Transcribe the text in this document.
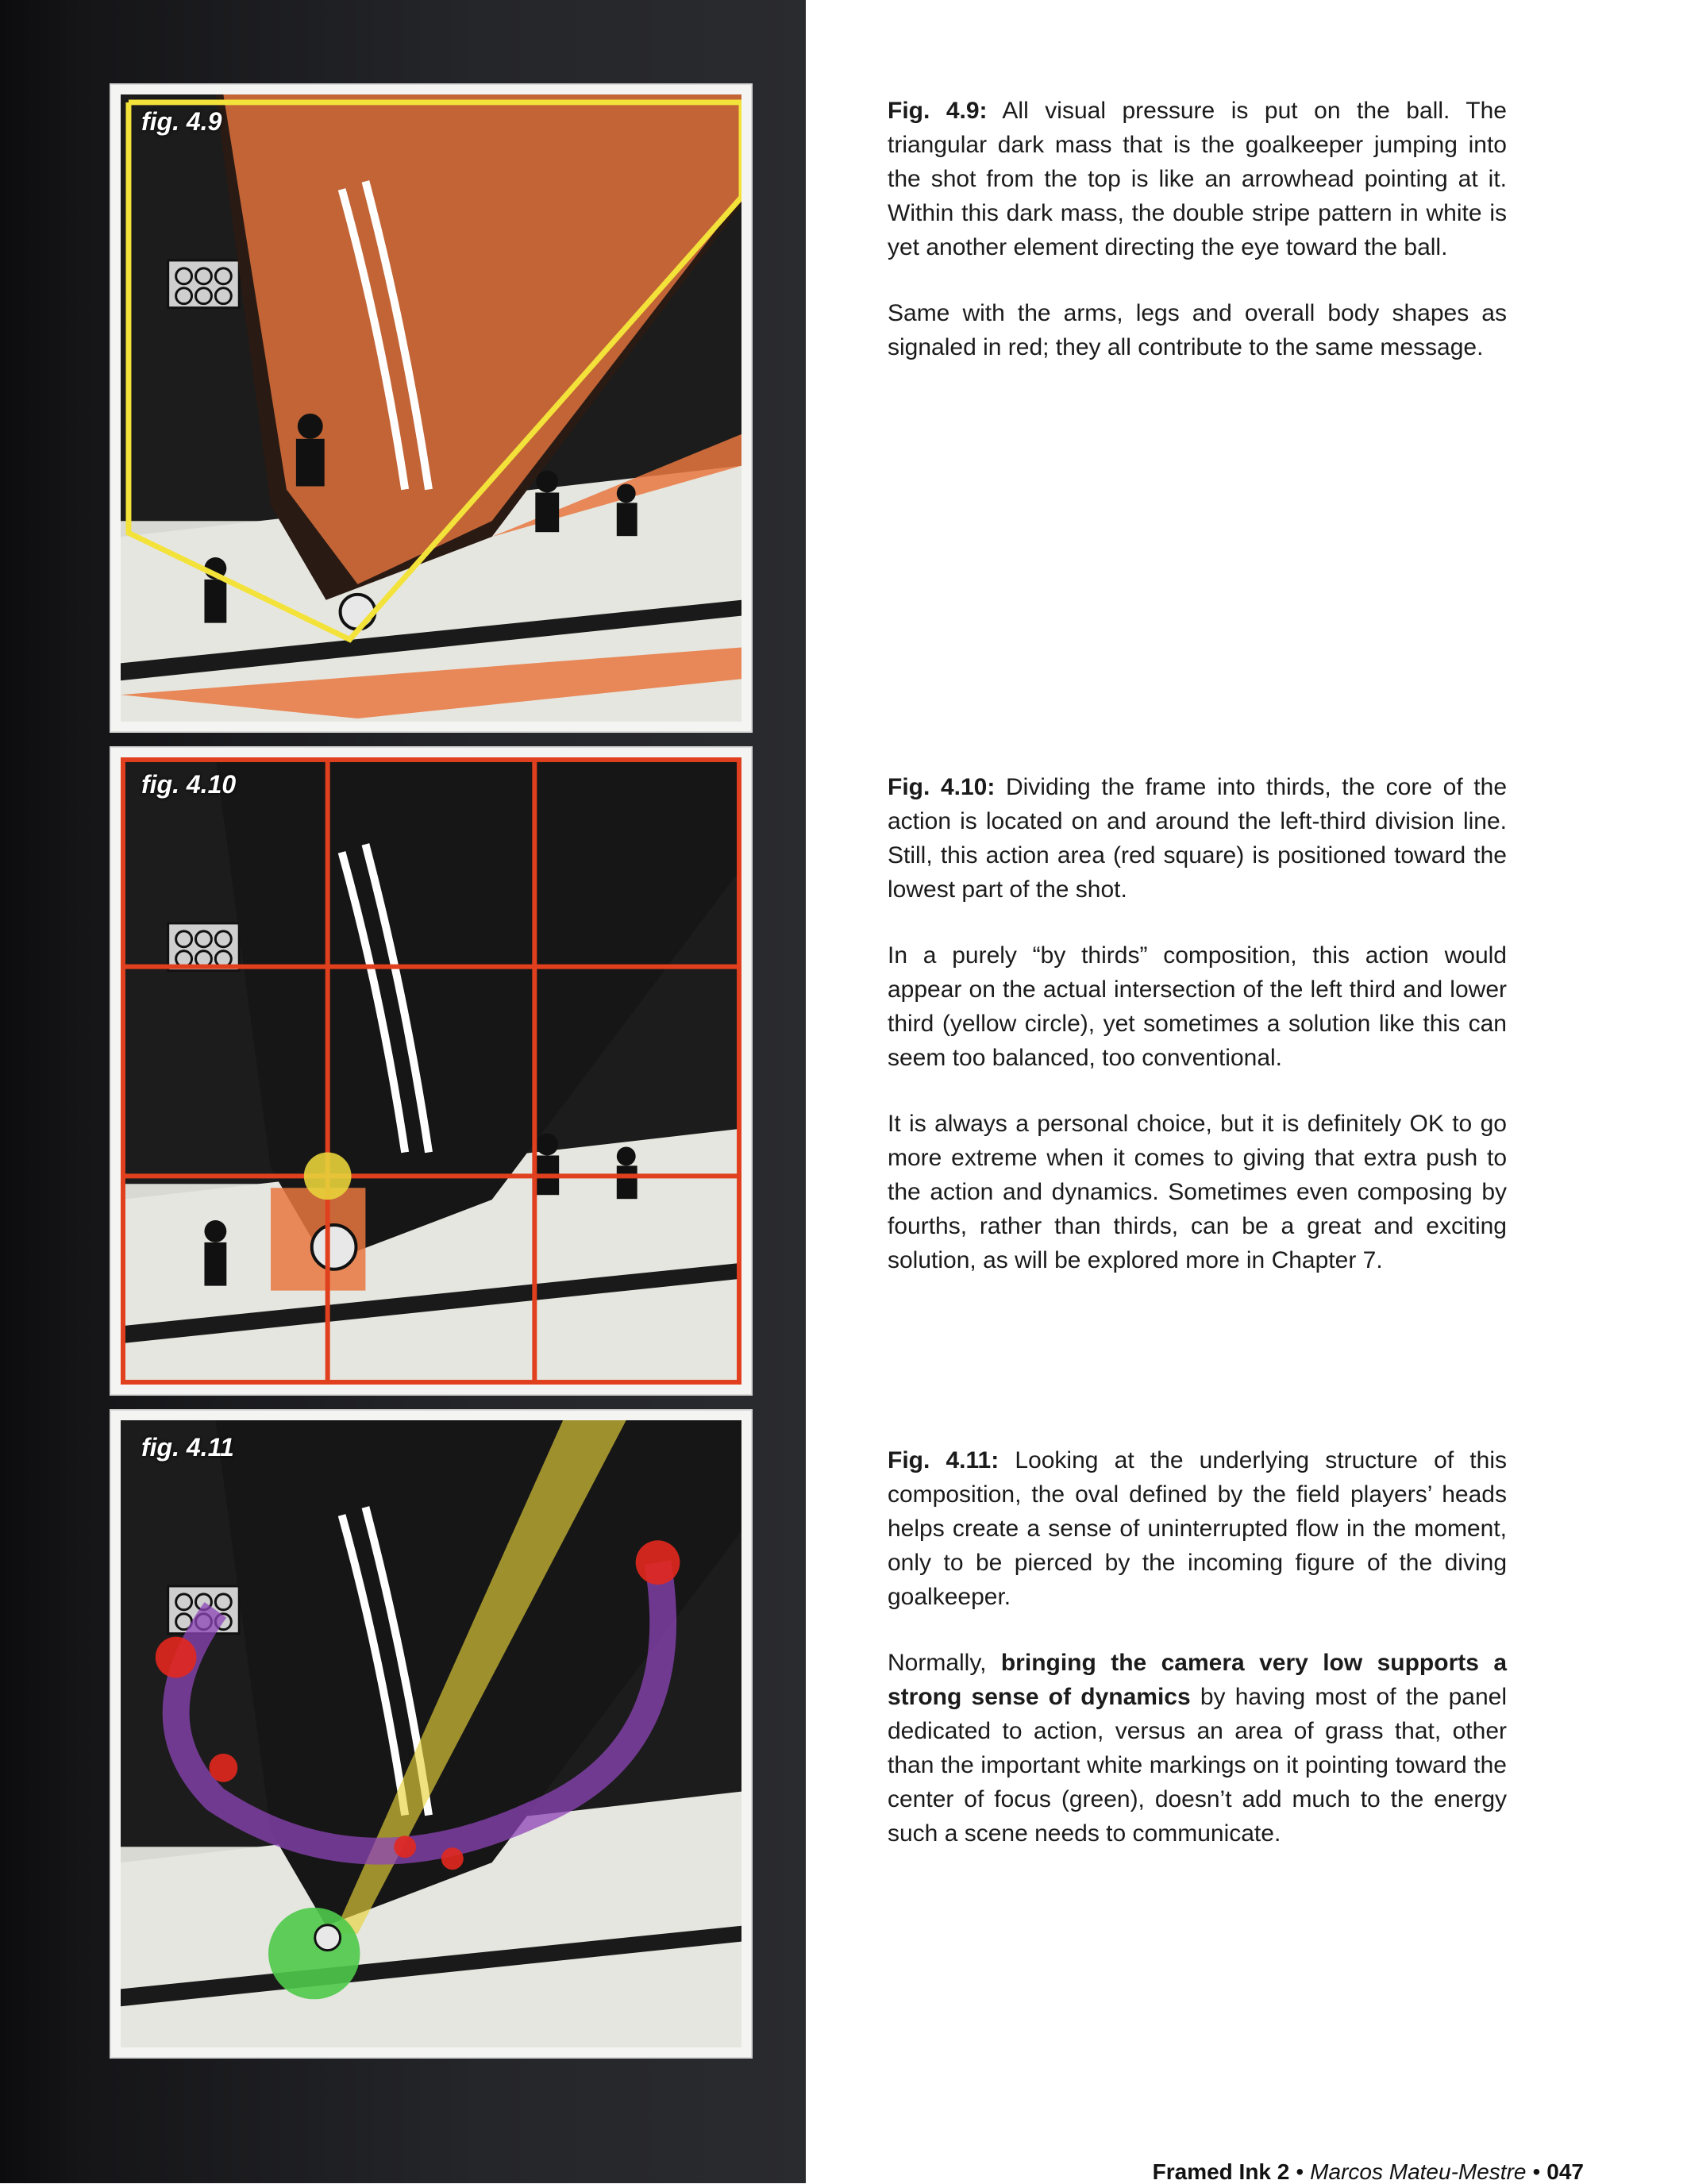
fig. 4.9
fig. 4.10
fig. 4.11

Fig. 4.9: All visual pressure is put on the ball. The triangular dark mass that is the goalkeeper jumping into the shot from the top is like an arrowhead pointing at it. Within this dark mass, the double stripe pattern in white is yet another element directing the eye toward the ball.

Same with the arms, legs and overall body shapes as signaled in red; they all contribute to the same message.

Fig. 4.10: Dividing the frame into thirds, the core of the action is located on and around the left-third division line. Still, this action area (red square) is positioned toward the lowest part of the shot.

In a purely “by thirds” composition, this action would appear on the actual intersection of the left third and lower third (yellow circle), yet sometimes a solution like this can seem too balanced, too conventional.

It is always a personal choice, but it is definitely OK to go more extreme when it comes to giving that extra push to the action and dynamics. Sometimes even composing by fourths, rather than thirds, can be a great and exciting solution, as will be explored more in Chapter 7.

Fig. 4.11: Looking at the underlying structure of this composition, the oval defined by the field players’ heads helps create a sense of uninterrupted flow in the moment, only to be pierced by the incoming figure of the diving goalkeeper.

Normally, bringing the camera very low supports a strong sense of dynamics by having most of the panel dedicated to action, versus an area of grass that, other than the important white markings on it pointing toward the center of focus (green), doesn’t add much to the energy such a scene needs to communicate.

Framed Ink 2 • Marcos Mateu-Mestre • 047
